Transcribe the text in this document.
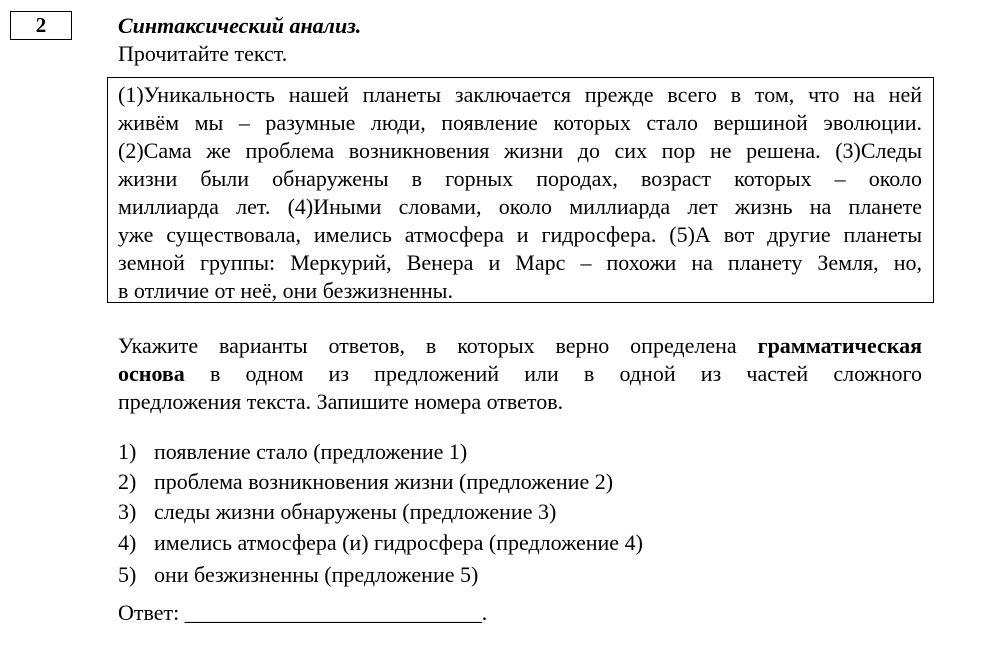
2	Синтаксический анализ.
Прочитайте текст.
(1)Уникальность нашей планеты заключается прежде всего в том, что на ней
живём мы – разумные люди, появление которых стало вершиной эволюции.
(2)Сама же проблема возникновения жизни до сих пор не решена. (3)Следы
жизни были обнаружены в горных породах, возраст которых – около
миллиарда лет. (4)Иными словами, около миллиарда лет жизнь на планете
уже существовала, имелись атмосфера и гидросфера. (5)А вот другие планеты
земной группы: Меркурий, Венера и Марс – похожи на планету Земля, но,
в отличие от неё, они безжизненны.
Укажите варианты ответов, в которых верно определена грамматическая
основа в одном из предложений или в одной из частей сложного
предложения текста. Запишите номера ответов.
1) появление стало (предложение 1)
2) проблема возникновения жизни (предложение 2)
3) следы жизни обнаружены (предложение 3)
4) имелись атмосфера (и) гидросфера (предложение 4)
5) они безжизненны (предложение 5)
Ответ: ___________________________.
